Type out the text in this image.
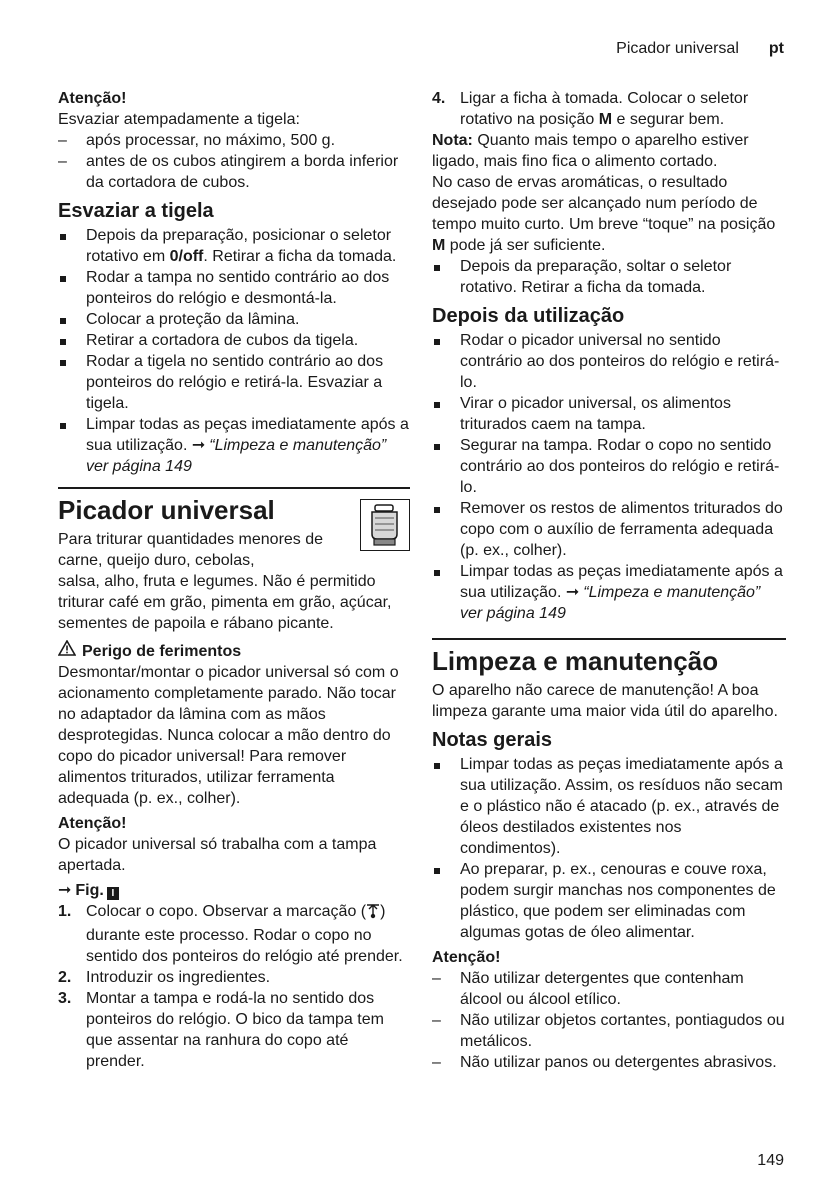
Picador universal pt
Atenção!

Esvaziar atempadamente a tigela:

– após processar, no máximo, 500 g.
– antes de os cubos atingirem a borda inferior da cortadora de cubos.
Esvaziar a tigela
Depois da preparação, posicionar o seletor rotativo em 0/off. Retirar a ficha da tomada.
Rodar a tampa no sentido contrário ao dos ponteiros do relógio e desmontá-la.
Colocar a proteção da lâmina.
Retirar a cortadora de cubos da tigela.
Rodar a tigela no sentido contrário ao dos ponteiros do relógio e retirá-la. Esvaziar a tigela.
Limpar todas as peças imediatamente após a sua utilização. ➞ “Limpeza e manutenção” ver página 149
Picador universal

Para triturar quantidades menores de carne, queijo duro, cebolas,

salsa, alho, fruta e legumes. Não é permitido triturar café em grão, pimenta em grão, açúcar, sementes de papoila e rábano picante.

Perigo de ferimentos

Desmontar/montar o picador universal só com o acionamento completamente parado. Não tocar no adaptador da lâmina com as mãos desprotegidas. Nunca colocar a mão dentro do copo do picador universal! Para remover alimentos triturados, utilizar ferramenta adequada (p. ex., colher).

Atenção!

O picador universal só trabalha com a tampa apertada.

➞ Fig. I
1. Colocar o copo. Observar a marcação ( ) durante este processo. Rodar o copo no sentido dos ponteiros do relógio até prender.
2. Introduzir os ingredientes.
3. Montar a tampa e rodá-la no sentido dos ponteiros do relógio. O bico da tampa tem que assentar na ranhura do copo até prender.
4. Ligar a ficha à tomada. Colocar o seletor rotativo na posição M e segurar bem.

Nota: Quanto mais tempo o aparelho estiver ligado, mais fino fica o alimento cortado.

No caso de ervas aromáticas, o resultado desejado pode ser alcançado num período de tempo muito curto. Um breve “toque” na posição M pode já ser suficiente.

Depois da preparação, soltar o seletor rotativo. Retirar a ficha da tomada.
Depois da utilização
Rodar o picador universal no sentido contrário ao dos ponteiros do relógio e retirá-lo.
Virar o picador universal, os alimentos triturados caem na tampa.
Segurar na tampa. Rodar o copo no sentido contrário ao dos ponteiros do relógio e retirá-lo.
Remover os restos de alimentos triturados do copo com o auxílio de ferramenta adequada (p. ex., colher).
Limpar todas as peças imediatamente após a sua utilização. ➞ “Limpeza e manutenção” ver página 149
Limpeza e manutenção

O aparelho não carece de manutenção! A boa limpeza garante uma maior vida útil do aparelho.

Notas gerais
Limpar todas as peças imediatamente após a sua utilização. Assim, os resíduos não secam e o plástico não é atacado (p. ex., através de óleos destilados existentes nos condimentos).
Ao preparar, p. ex., cenouras e couve roxa, podem surgir manchas nos componentes de plástico, que podem ser eliminadas com algumas gotas de óleo alimentar.
Atenção!
– Não utilizar detergentes que contenham álcool ou álcool etílico.
– Não utilizar objetos cortantes, pontiagudos ou metálicos.
– Não utilizar panos ou detergentes abrasivos.
149
